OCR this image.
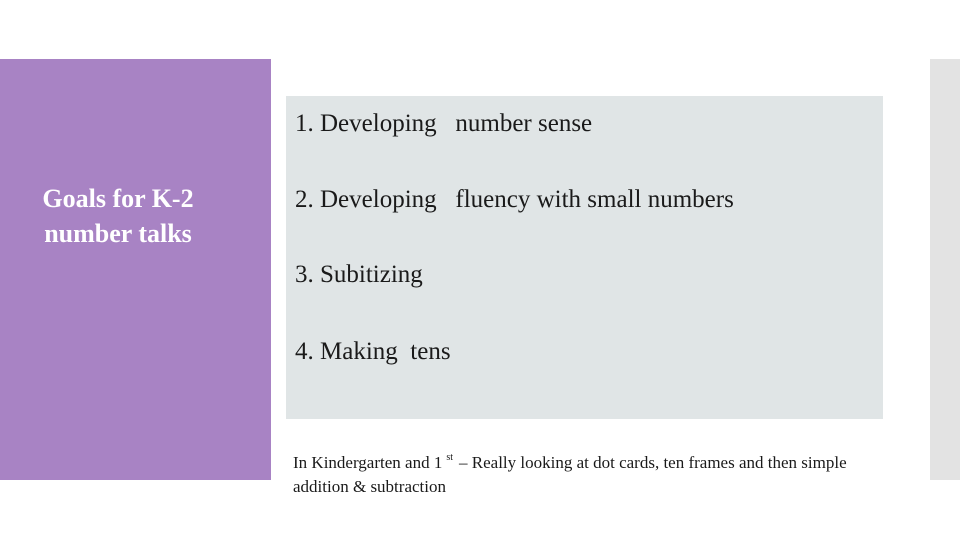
Goals for K-2 number talks
1. Developing   number sense
2. Developing   fluency with small numbers
3. Subitizing
4. Making  tens
In Kindergarten and 1 $^{st}$ – Really looking at dot cards, ten frames and then simple addition & subtraction
